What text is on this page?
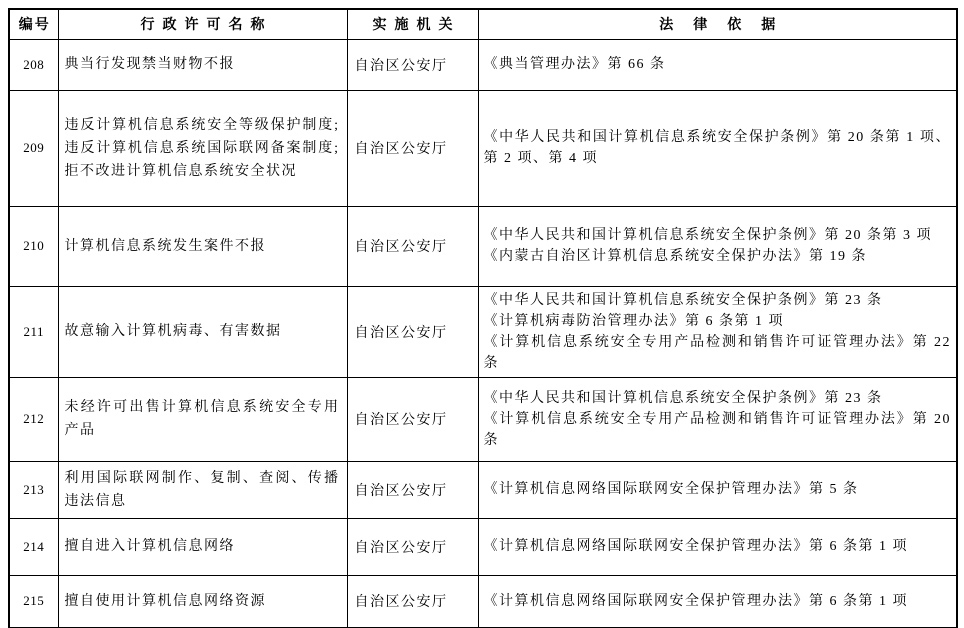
编号	行政许可名称	实施机关	法律依据
208	典当行发现禁当财物不报	自治区公安厅	《典当管理办法》第 66 条

209	违反计算机信息系统安全等级保护制度;违反计算机信息系统国际联网备案制度;拒不改进计算机信息系统安全状况	自治区公安厅	《中华人民共和国计算机信息系统安全保护条例》第 20 条第 1 项、第 2 项、第 4 项

210	计算机信息系统发生案件不报	自治区公安厅	《中华人民共和国计算机信息系统安全保护条例》第 20 条第 3 项
《内蒙古自治区计算机信息系统安全保护办法》第 19 条

211	故意输入计算机病毒、有害数据	自治区公安厅	《中华人民共和国计算机信息系统安全保护条例》第 23 条
《计算机病毒防治管理办法》第 6 条第 1 项
《计算机信息系统安全专用产品检测和销售许可证管理办法》第 22 条

212	未经许可出售计算机信息系统安全专用产品	自治区公安厅	《中华人民共和国计算机信息系统安全保护条例》第 23 条
《计算机信息系统安全专用产品检测和销售许可证管理办法》第 20 条

213	利用国际联网制作、复制、查阅、传播违法信息	自治区公安厅	《计算机信息网络国际联网安全保护管理办法》第 5 条

214	擅自进入计算机信息网络	自治区公安厅	《计算机信息网络国际联网安全保护管理办法》第 6 条第 1 项

215	擅自使用计算机信息网络资源	自治区公安厅	《计算机信息网络国际联网安全保护管理办法》第 6 条第 1 项
